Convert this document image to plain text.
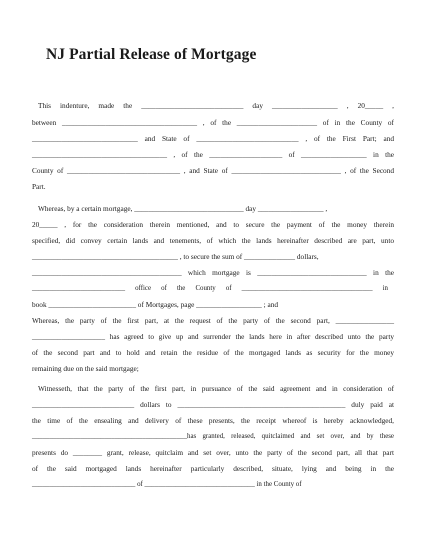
NJ Partial Release of Mortgage
This indenture, made the ____________________________ day __________________ , 20_____ ,
between _____________________________________ , of the ______________________ of in the County of
_____________________________ and State of ____________________________ , of the First Part; and
_____________________________________ , of the ____________________ of __________________ in the
County of _______________________________ , and State of ______________________________ , of the Second
Part.
Whereas, by a certain mortgage, ______________________________ day __________________ ,
20_____ , for the consideration therein mentioned, and to secure the payment of the money therein
specified, did convey certain lands and tenements, of which the lands hereinafter described are part, unto
________________________________________ , to secure the sum of ______________ dollars,
_________________________________________ which mortgage is ______________________________ in the
___________________________ office of the County of ______________________________________ in
book ________________________ of Mortgages, page __________________ ; and
Whereas, the party of the first part, at the request of the party of the second part, ________________
____________________ has agreed to give up and surrender the lands here in after described unto the party
of the second part and to hold and retain the residue of the mortgaged lands as security for the money
remaining due on the said mortgage;
Witnesseth, that the party of the first part, in pursuance of the said agreement and in consideration of
____________________________ dollars to ______________________________________________ duly paid at
the time of the ensealing and delivery of these presents, the receipt whereof is hereby acknowledged,
_____________________________________________has granted, released, quitclaimed and set over, and by these
presents do ________ grant, release, quitclaim and set over, unto the party of the second part, all that part
of the said mortgaged lands hereinafter particularly described, situate, lying and being in the
______________________________ of ________________________________ in the County of
